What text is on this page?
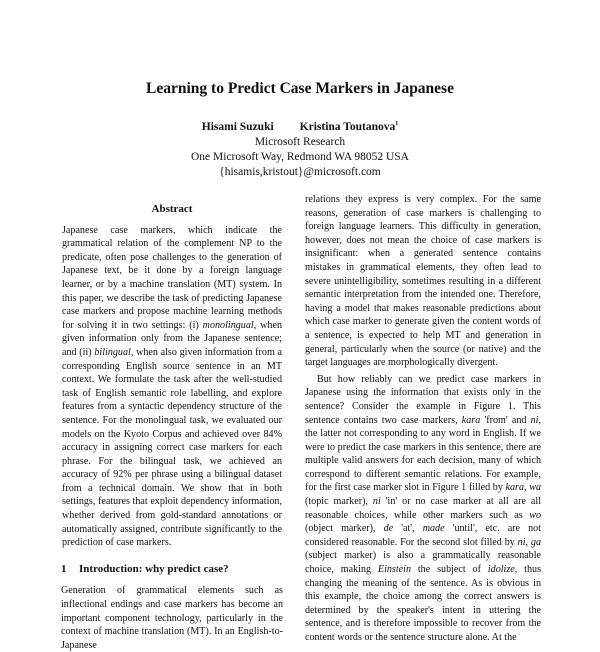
Learning to Predict Case Markers in Japanese
Hisami Suzuki Kristina Toutanova$^1$
Microsoft Research
One Microsoft Way, Redmond WA 98052 USA
{hisamis,kristout}@microsoft.com
Abstract

Japanese case markers, which indicate the grammatical relation of the complement NP to the predicate, often pose challenges to the generation of Japanese text, be it done by a foreign language learner, or by a machine translation (MT) system. In this paper, we describe the task of predicting Japanese case markers and propose machine learning methods for solving it in two settings: (i) monolingual, when given information only from the Japanese sentence; and (ii) bilingual, when also given information from a corresponding English source sentence in an MT context. We formulate the task after the well-studied task of English semantic role labelling, and explore features from a syntactic dependency structure of the sentence. For the monolingual task, we evaluated our models on the Kyoto Corpus and achieved over 84% accuracy in assigning correct case markers for each phrase. For the bilingual task, we achieved an accuracy of 92% per phrase using a bilingual dataset from a technical domain. We show that in both settings, features that exploit dependency information, whether derived from gold-standard annotations or automatically assigned, contribute significantly to the prediction of case markers.

1 Introduction: why predict case?

Generation of grammatical elements such as inflectional endings and case markers has become an important component technology, particularly in the context of machine translation (MT). In an English-to-Japanese

relations they express is very complex. For the same reasons, generation of case markers is challenging to foreign language learners. This difficulty in generation, however, does not mean the choice of case markers is insignificant: when a generated sentence contains mistakes in grammatical elements, they often lead to severe unintelligibility, sometimes resulting in a different semantic interpretation from the intended one. Therefore, having a model that makes reasonable predictions about which case marker to generate given the content words of a sentence, is expected to help MT and generation in general, particularly when the source (or native) and the target languages are morphologically divergent.

But how reliably can we predict case markers in Japanese using the information that exists only in the sentence? Consider the example in Figure 1. This sentence contains two case markers, kara 'from' and ni, the latter not corresponding to any word in English. If we were to predict the case markers in this sentence, there are multiple valid answers for each decision, many of which correspond to different semantic relations. For example, for the first case marker slot in Figure 1 filled by kara, wa (topic marker), ni 'in' or no case marker at all are all reasonable choices, while other markers such as wo (object marker), de 'at', made 'until', etc. are not considered reasonable. For the second slot filled by ni, ga (subject marker) is also a grammatically reasonable choice, making Einstein the subject of idolize, thus changing the meaning of the sentence. As is obvious in this example, the choice among the correct answers is determined by the speaker's intent in uttering the sentence, and is therefore impossible to recover from the content words or the sentence structure alone. At the
